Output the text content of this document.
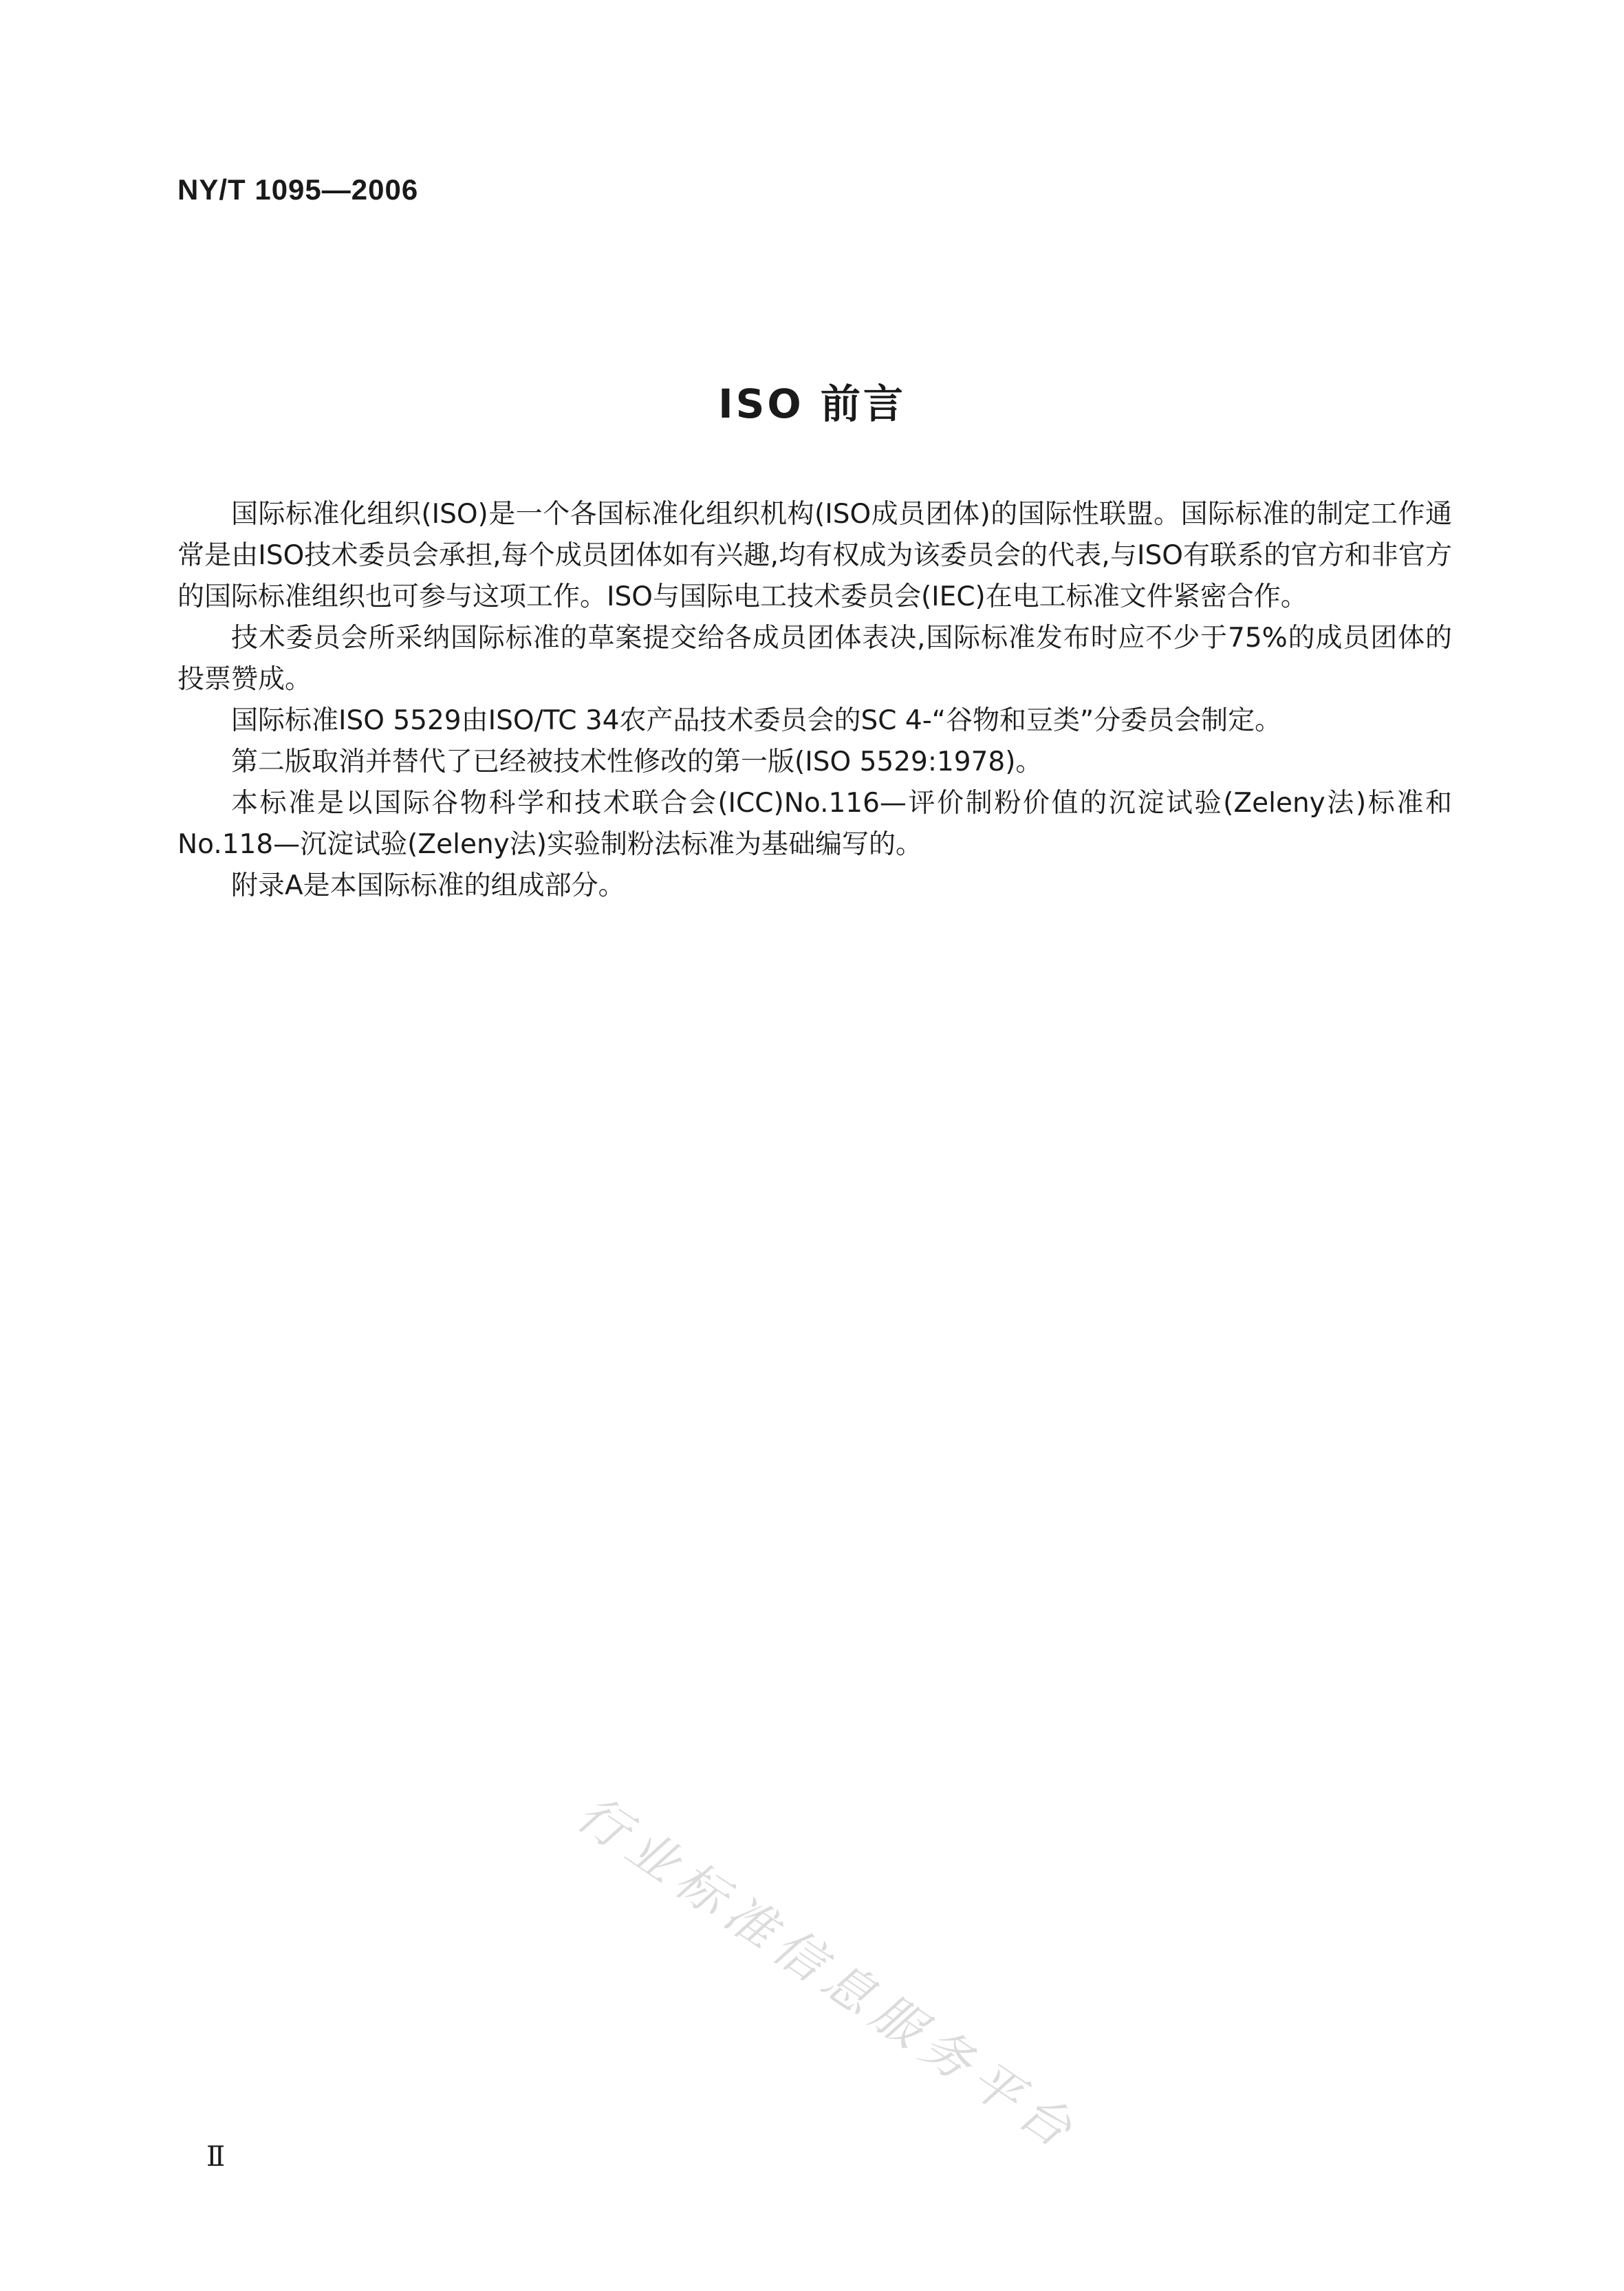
NY/T 1095—2006
ISO 前言

国际标准化组织(ISO)是一个各国标准化组织机构(ISO成员团体)的国际性联盟。国际标准的制定工作通常是由ISO技术委员会承担,每个成员团体如有兴趣,均有权成为该委员会的代表,与ISO有联系的官方和非官方的国际标准组织也可参与这项工作。ISO与国际电工技术委员会(IEC)在电工标准文件紧密合作。

技术委员会所采纳国际标准的草案提交给各成员团体表决,国际标准发布时应不少于75%的成员团体的投票赞成。

国际标准ISO 5529由ISO/TC 34农产品技术委员会的SC 4-“谷物和豆类”分委员会制定。

第二版取消并替代了已经被技术性修改的第一版(ISO 5529:1978)。

本标准是以国际谷物科学和技术联合会(ICC)No.116—评价制粉价值的沉淀试验(Zeleny法)标准和No.118—沉淀试验(Zeleny法)实验制粉法标准为基础编写的。

附录A是本国际标准的组成部分。

行业标准信息服务平台
Ⅱ
